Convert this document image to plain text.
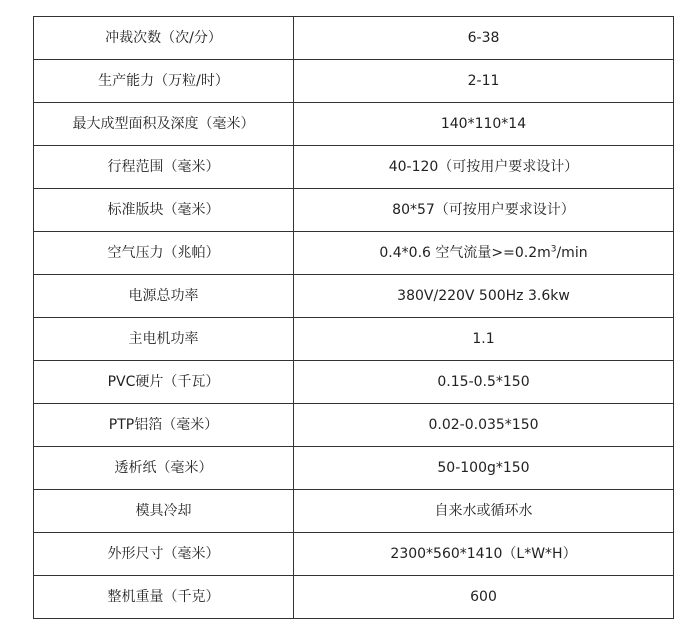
冲裁次数（次/分）	6-38
生产能力（万粒/时）	2-11
最大成型面积及深度（毫米）	140*110*14
行程范围（毫米）	40-120（可按用户要求设计）
标准版块（毫米）	80*57（可按用户要求设计）
空气压力（兆帕）	0.4*0.6 空气流量$>=0.2m^3/\min$
电源总功率	380V/220V 500Hz 3.6kw
主电机功率	1.1
PVC硬片（千瓦）	0.15-0.5*150
PTP铝箔（毫米）	0.02-0.035*150
透析纸（毫米）	50-100g*150
模具冷却	自来水或循环水
外形尺寸（毫米）	2300*560*1410（L*W*H）
整机重量（千克）	600
